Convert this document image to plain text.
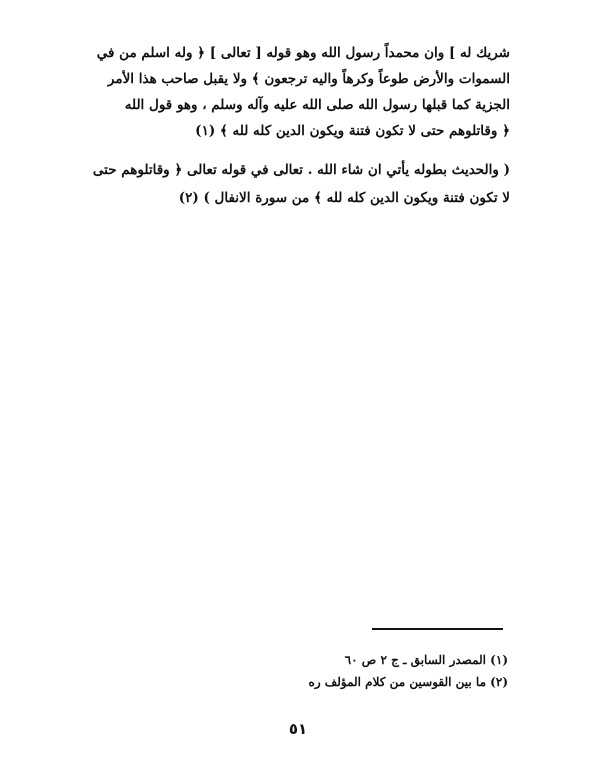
شريك له ] وان محمداً رسول الله وهو قوله [ تعالى ] ﴿ وله اسلم من في
السموات والأرض طوعاً وكرهاً واليه ترجعون ﴾ ولا يقبل صاحب هذا الأمر
الجزية كما قبلها رسول الله صلى الله عليه وآله وسلم ، وهو قول الله
﴿ وقاتلوهم حتى لا تكون فتنة ويكون الدين كله لله ﴾ (١)
( والحديث بطوله يأتي ان شاء الله . تعالى في قوله تعالى ﴿ وقاتلوهم حتى
لا تكون فتنة ويكون الدين كله لله ﴾ من سورة الانفال ) (٢)
(١) المصدر السابق ـ ج ٢ ص ٦٠
(٢) ما بين القوسين من كلام المؤلف ره
٥١
